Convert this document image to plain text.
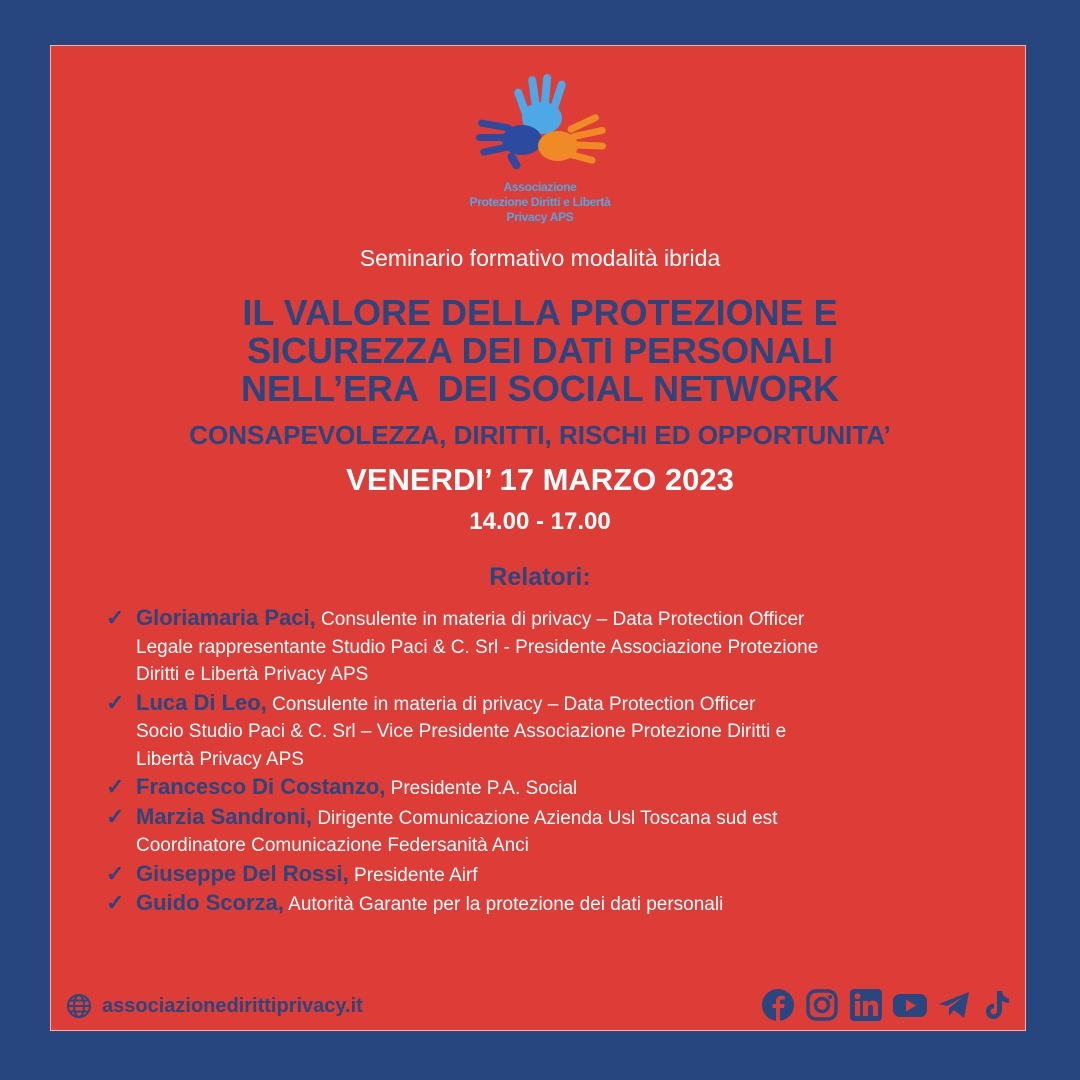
Associazione
Protezione Diritti e Libertà
Privacy APS
Seminario formativo modalità ibrida
IL VALORE DELLA PROTEZIONE E
SICUREZZA DEI DATI PERSONALI
NELL’ERA  DEI SOCIAL NETWORK
CONSAPEVOLEZZA, DIRITTI, RISCHI ED OPPORTUNITA’
VENERDI’ 17 MARZO 2023
14.00 - 17.00
Relatori:
✓ Gloriamaria Paci, Consulente in materia di privacy – Data Protection Officer
Legale rappresentante Studio Paci & C. Srl - Presidente Associazione Protezione
Diritti e Libertà Privacy APS
✓ Luca Di Leo, Consulente in materia di privacy – Data Protection Officer
Socio Studio Paci & C. Srl – Vice Presidente Associazione Protezione Diritti e
Libertà Privacy APS
✓ Francesco Di Costanzo, Presidente P.A. Social
✓ Marzia Sandroni, Dirigente Comunicazione Azienda Usl Toscana sud est
Coordinatore Comunicazione Federsanità Anci
✓ Giuseppe Del Rossi, Presidente Airf
✓ Guido Scorza, Autorità Garante per la protezione dei dati personali
associazionedirittiprivacy.it
